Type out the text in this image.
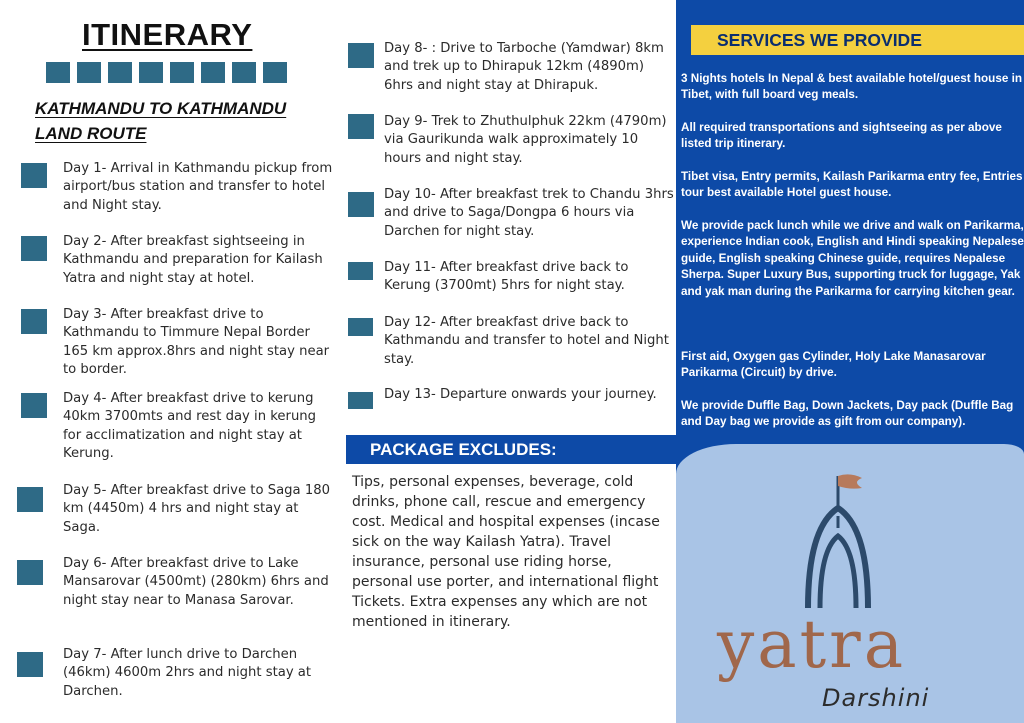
ITINERARY
KATHMANDU TO KATHMANDU LAND ROUTE
Day 1- Arrival in Kathmandu pickup from airport/bus station and transfer to hotel and Night stay.
Day 2- After breakfast sightseeing in Kathmandu and preparation for Kailash Yatra and night stay at hotel.
Day 3- After breakfast drive to Kathmandu to Timmure Nepal Border 165 km approx.8hrs and night stay near to border.
Day 4- After breakfast drive to kerung 40km 3700mts and rest day in kerung for acclimatization and night stay at Kerung.
Day 5- After breakfast drive to Saga 180 km (4450m) 4 hrs and night stay at Saga.
Day 6- After breakfast drive to Lake Mansarovar (4500mt) (280km) 6hrs and night stay near to Manasa Sarovar.
Day 7- After lunch drive to Darchen (46km) 4600m 2hrs and night stay at Darchen.
Day 8- : Drive to Tarboche (Yamdwar) 8km and trek up to Dhirapuk 12km (4890m) 6hrs and night stay at Dhirapuk.
Day 9- Trek to Zhuthulphuk 22km (4790m) via Gaurikunda walk approximately 10 hours and night stay.
Day 10- After breakfast trek to Chandu 3hrs and drive to Saga/Dongpa 6 hours via Darchen for night stay.
Day 11- After breakfast drive back to Kerung (3700mt) 5hrs for night stay.
Day 12- After breakfast drive back to Kathmandu and transfer to hotel and Night stay.
Day 13- Departure onwards your journey.
PACKAGE EXCLUDES:
Tips, personal expenses, beverage, cold drinks, phone call, rescue and emergency cost. Medical and hospital expenses (incase sick on the way Kailash Yatra). Travel insurance, personal use riding horse, personal use porter, and international flight Tickets. Extra expenses any which are not mentioned in itinerary.
SERVICES WE PROVIDE
3 Nights hotels In Nepal & best available hotel/guest house in Tibet, with full board veg meals.
All required transportations and sightseeing as per above listed trip itinerary.
Tibet visa, Entry permits, Kailash Parikarma entry fee, Entries tour best available Hotel guest house.
We provide pack lunch while we drive and walk on Parikarma, experience Indian cook, English and Hindi speaking Nepalese guide, English speaking Chinese guide, requires Nepalese Sherpa. Super Luxury Bus, supporting truck for luggage, Yak and yak man during the Parikarma for carrying kitchen gear.
First aid, Oxygen gas Cylinder, Holy Lake Manasarovar Parikarma (Circuit) by drive.
We provide Duffle Bag, Down Jackets, Day pack (Duffle Bag and Day bag we provide as gift from our company).
yatra
Darshini
